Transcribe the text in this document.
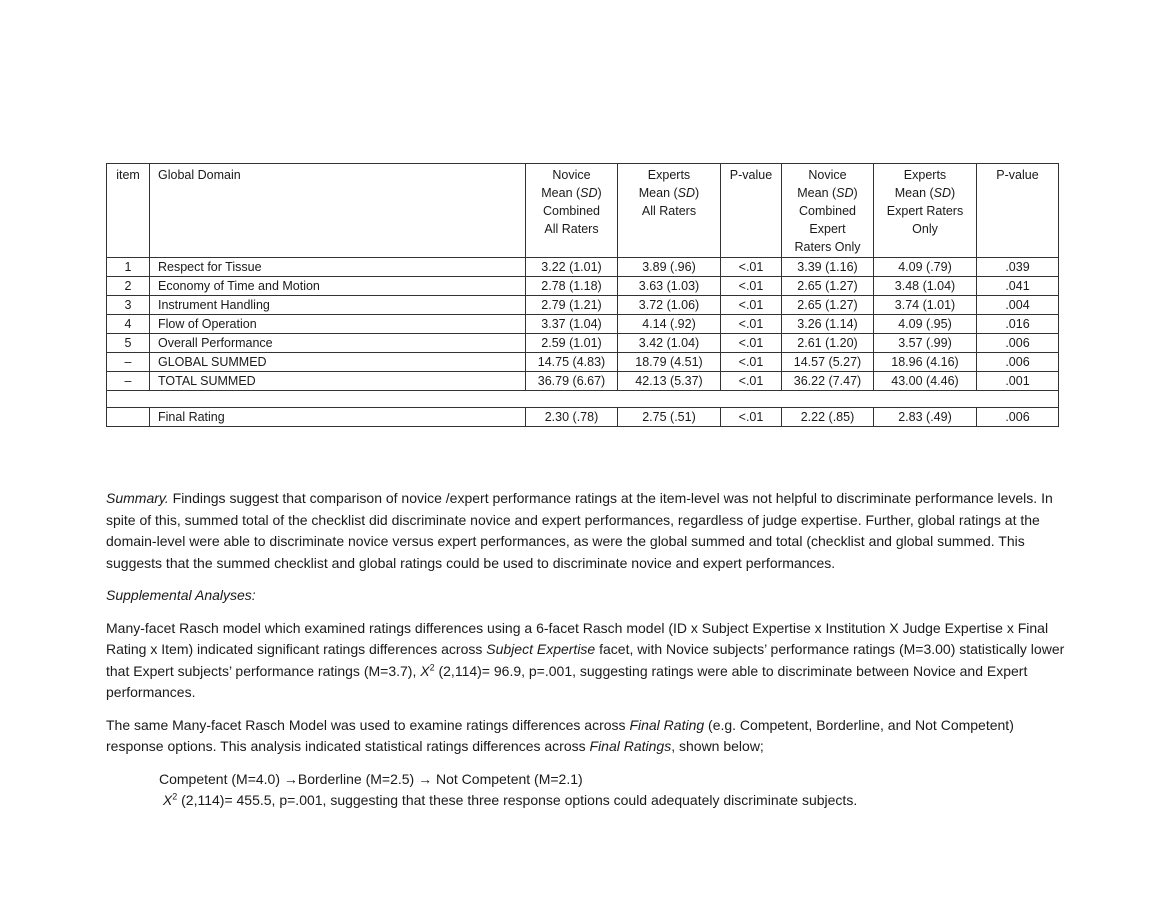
item	Global Domain	Novice
Mean (SD)
Combined
All Raters	Experts
Mean (SD)
All Raters	P-value	Novice
Mean (SD)
Combined
Expert
Raters Only	Experts
Mean (SD)
Expert Raters
Only	P-value
1	Respect for Tissue	3.22 (1.01)	3.89 (.96)	<.01	3.39 (1.16)	4.09 (.79)	.039
2	Economy of Time and Motion	2.78 (1.18)	3.63 (1.03)	<.01	2.65 (1.27)	3.48 (1.04)	.041
3	Instrument Handling	2.79 (1.21)	3.72 (1.06)	<.01	2.65 (1.27)	3.74 (1.01)	.004
4	Flow of Operation	3.37 (1.04)	4.14 (.92)	<.01	3.26 (1.14)	4.09 (.95)	.016
5	Overall Performance	2.59 (1.01)	3.42 (1.04)	<.01	2.61 (1.20)	3.57 (.99)	.006
–	GLOBAL SUMMED	14.75 (4.83)	18.79 (4.51)	<.01	14.57 (5.27)	18.96 (4.16)	.006
–	TOTAL SUMMED	36.79 (6.67)	42.13 (5.37)	<.01	36.22 (7.47)	43.00 (4.46)	.001

	Final Rating	2.30 (.78)	2.75 (.51)	<.01	2.22 (.85)	2.83 (.49)	.006

Summary. Findings suggest that comparison of novice /expert performance ratings at the item-level was not helpful to discriminate performance levels. In spite of this, summed total of the checklist did discriminate novice and expert performances, regardless of judge expertise. Further, global ratings at the domain-level were able to discriminate novice versus expert performances, as were the global summed and total (checklist and global summed. This suggests that the summed checklist and global ratings could be used to discriminate novice and expert performances.

Supplemental Analyses:

Many-facet Rasch model which examined ratings differences using a 6-facet Rasch model (ID x Subject Expertise x Institution X Judge Expertise x Final Rating x Item) indicated significant ratings differences across Subject Expertise facet, with Novice subjects’ performance ratings (M=3.00) statistically lower that Expert subjects’ performance ratings (M=3.7), $X^2$ (2,114)= 96.9, p=.001, suggesting ratings were able to discriminate between Novice and Expert performances.

The same Many-facet Rasch Model was used to examine ratings differences across Final Rating (e.g. Competent, Borderline, and Not Competent) response options. This analysis indicated statistical ratings differences across Final Ratings, shown below;

Competent (M=4.0) →Borderline (M=2.5) → Not Competent (M=2.1)
$X^2$ (2,114)= 455.5, p=.001, suggesting that these three response options could adequately discriminate subjects.
